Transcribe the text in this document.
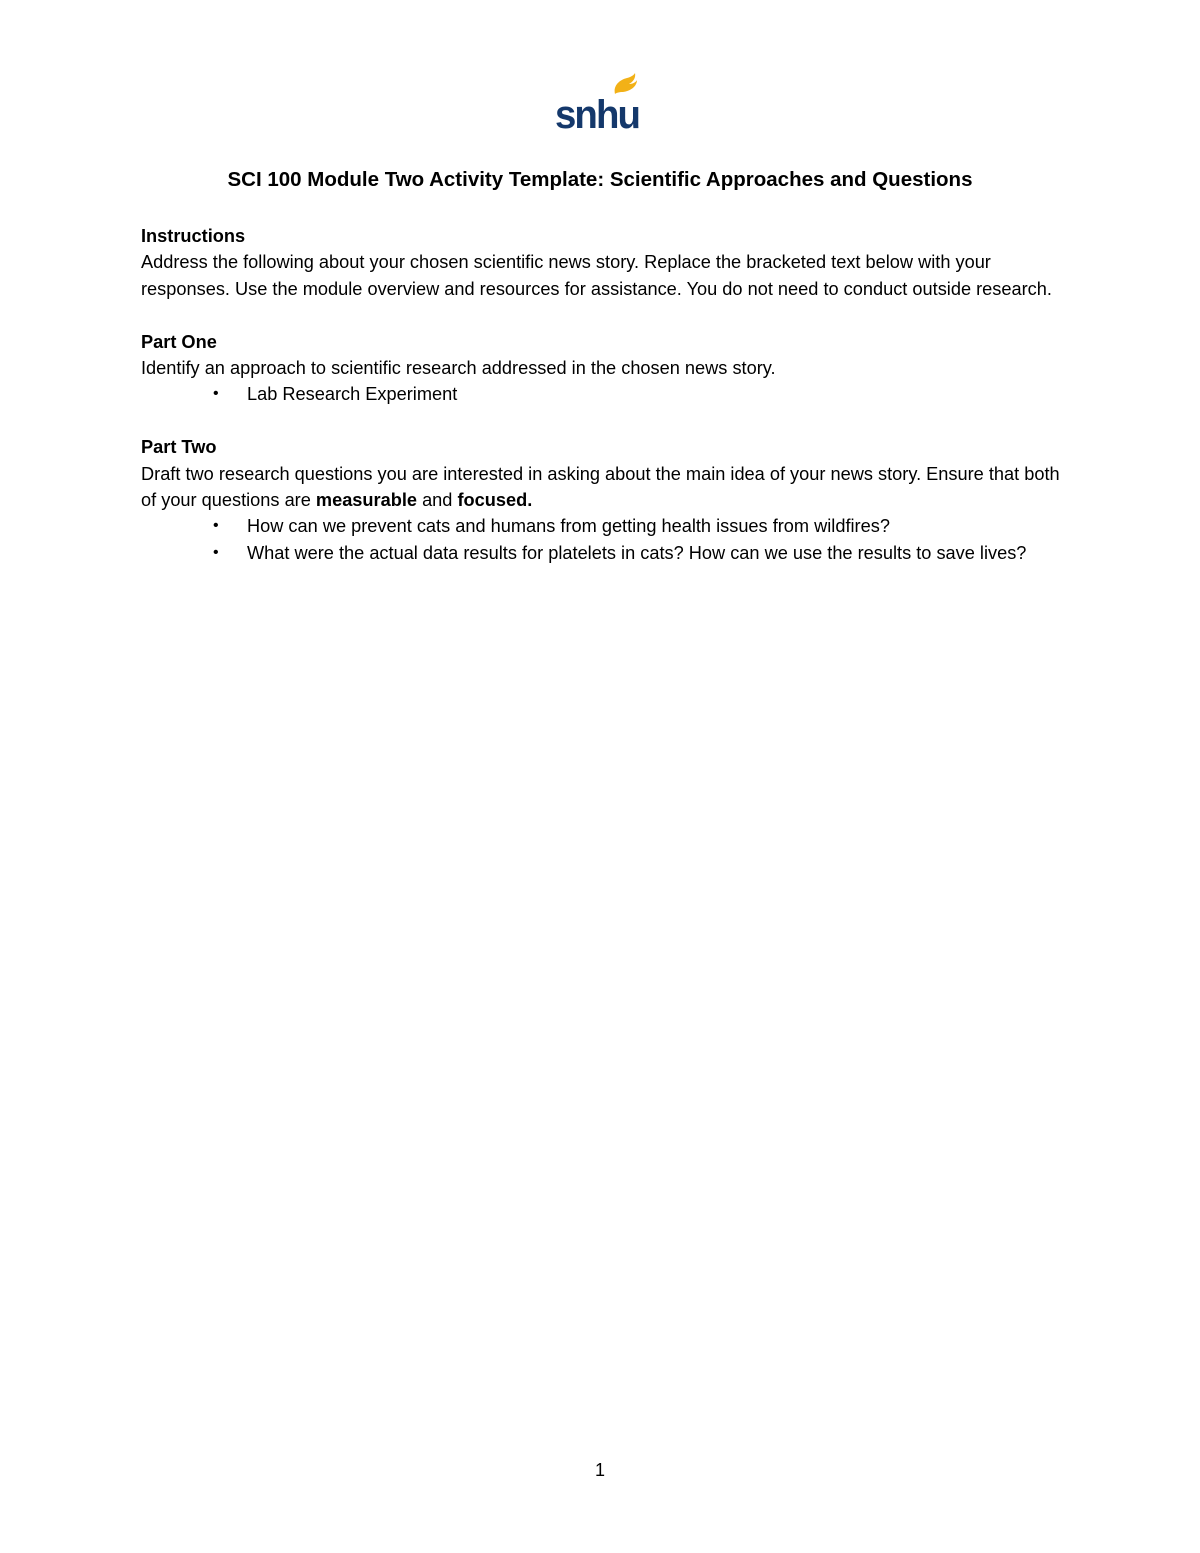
snhu
SCI 100 Module Two Activity Template: Scientific Approaches and Questions

Instructions

Address the following about your chosen scientific news story. Replace the bracketed text below with your responses. Use the module overview and resources for assistance. You do not need to conduct outside research.

Part One

Identify an approach to scientific research addressed in the chosen news story.

• Lab Research Experiment

Part Two

Draft two research questions you are interested in asking about the main idea of your news story. Ensure that both of your questions are measurable and focused.

• How can we prevent cats and humans from getting health issues from wildfires?
• What were the actual data results for platelets in cats? How can we use the results to save lives?
1
